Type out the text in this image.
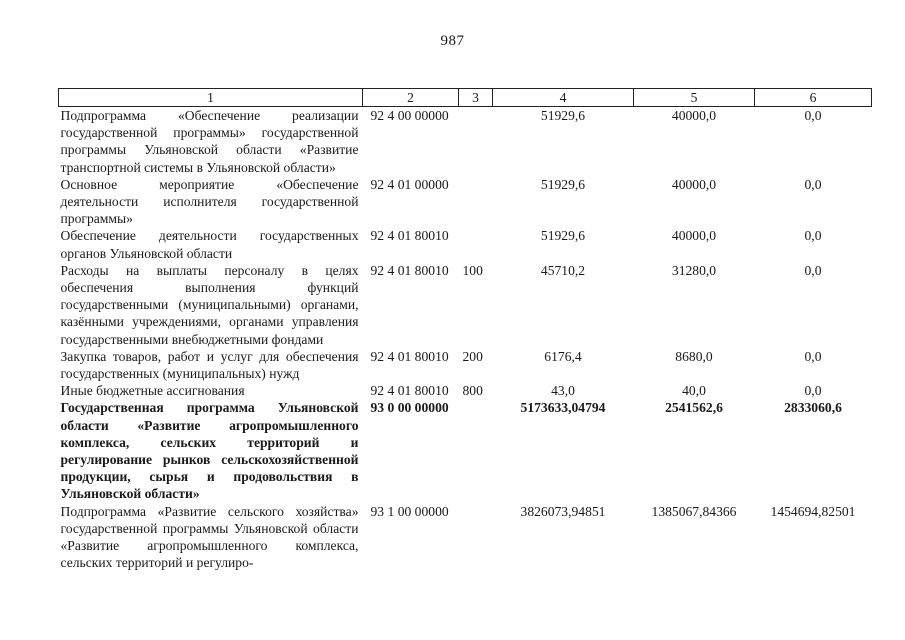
987
1	2	3	4	5	6
Подпрограмма «Обеспечение реализации государственной программы» государственной программы Ульяновской области «Развитие транспортной системы в Ульяновской области»	92 4 00 00000		51929,6	40000,0	0,0
Основное мероприятие «Обеспечение деятельности исполнителя государственной программы»	92 4 01 00000		51929,6	40000,0	0,0
Обеспечение деятельности государственных органов Ульяновской области	92 4 01 80010		51929,6	40000,0	0,0
Расходы на выплаты персоналу в целях обеспечения выполнения функций государственными (муниципальными) органами, казёнными учреждениями, органами управления государственными внебюджетными фондами	92 4 01 80010	100	45710,2	31280,0	0,0
Закупка товаров, работ и услуг для обеспечения государственных (муниципальных) нужд	92 4 01 80010	200	6176,4	8680,0	0,0
Иные бюджетные ассигнования	92 4 01 80010	800	43,0	40,0	0,0
Государственная программа Ульяновской области «Развитие агропромышленного комплекса, сельских территорий и регулирование рынков сельскохозяйственной продукции, сырья и продовольствия в Ульяновской области»	93 0 00 00000		5173633,04794	2541562,6	2833060,6
Подпрограмма «Развитие сельского хозяйства» государственной программы Ульяновской области «Развитие агропромышленного комплекса, сельских территорий и регулиро-	93 1 00 00000		3826073,94851	1385067,84366	1454694,82501
